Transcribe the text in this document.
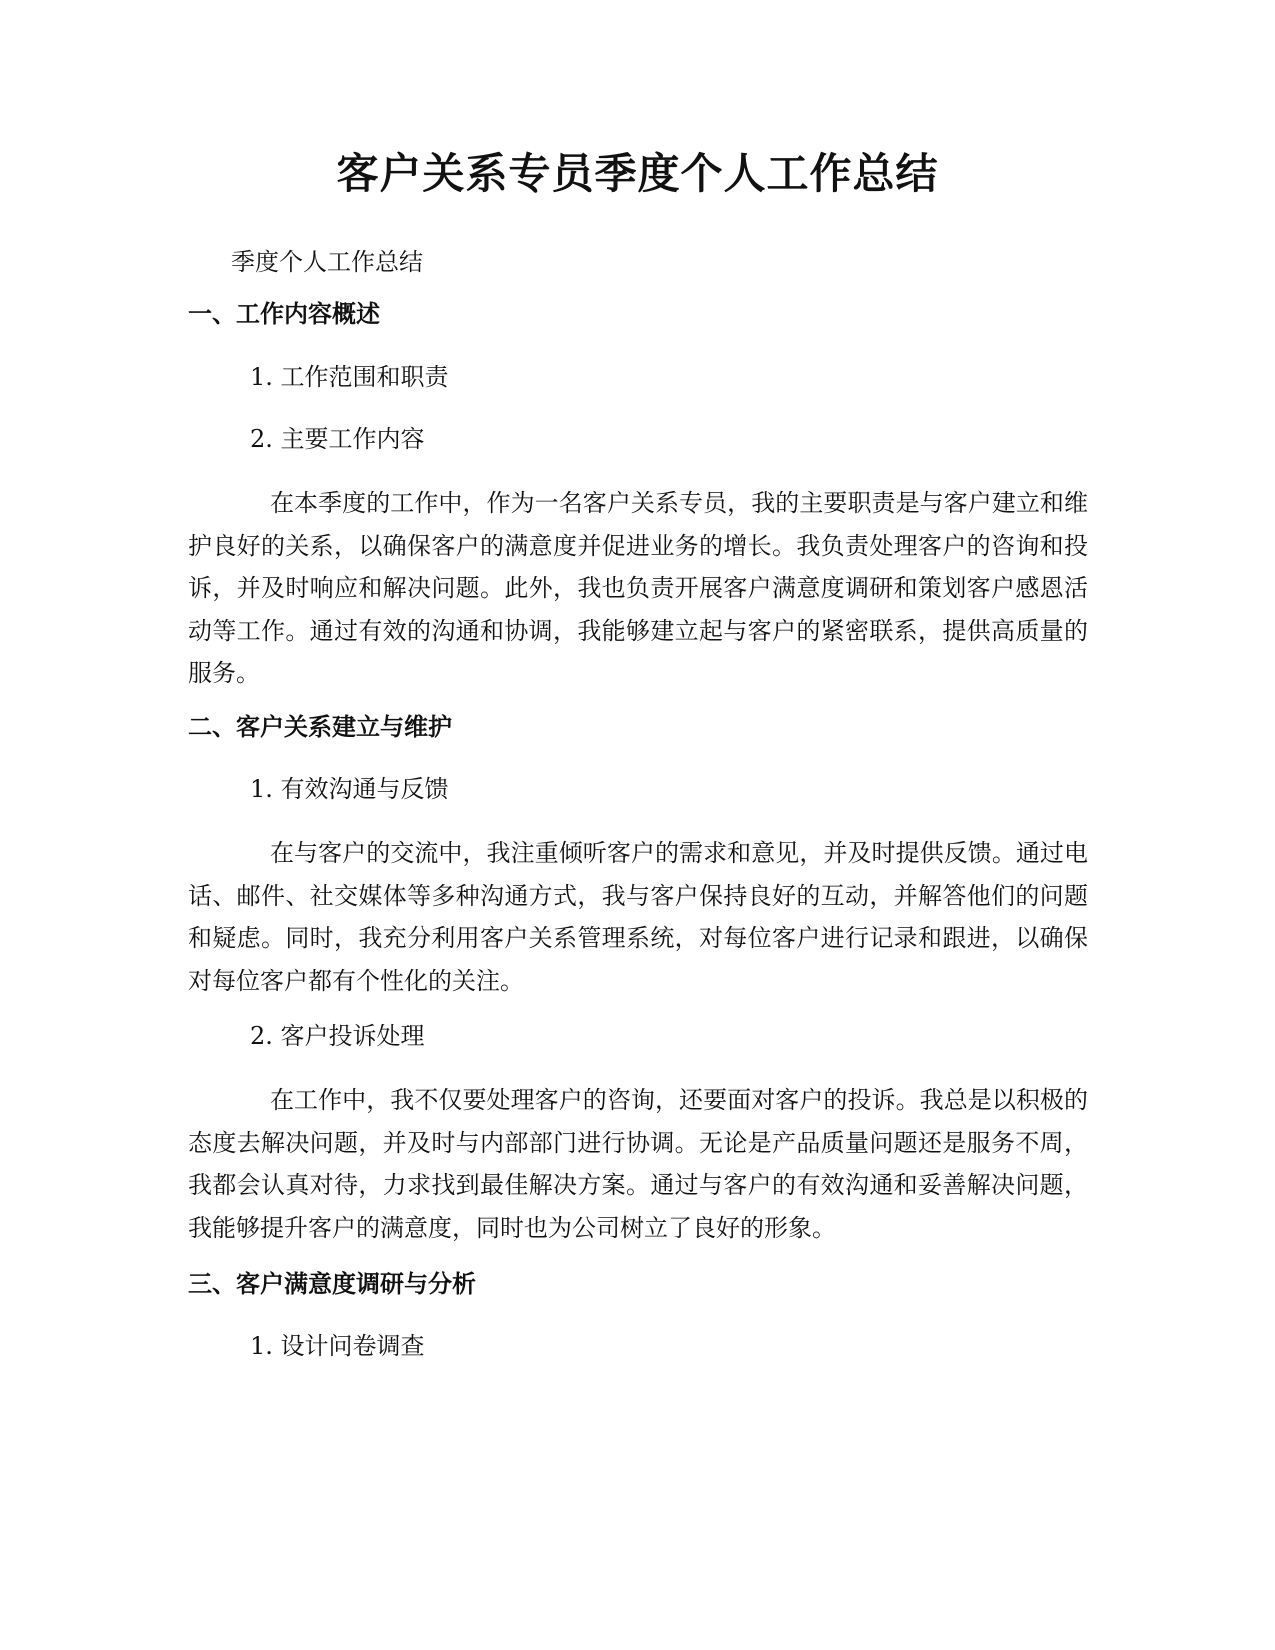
客户关系专员季度个人工作总结
季度个人工作总结
一、工作内容概述
1. 工作范围和职责
2. 主要工作内容

在本季度的工作中，作为一名客户关系专员，我的主要职责是与客户建立和维护良好的关系，以确保客户的满意度并促进业务的增长。我负责处理客户的咨询和投诉，并及时响应和解决问题。此外，我也负责开展客户满意度调研和策划客户感恩活动等工作。通过有效的沟通和协调，我能够建立起与客户的紧密联系，提供高质量的服务。

二、客户关系建立与维护
1. 有效沟通与反馈

在与客户的交流中，我注重倾听客户的需求和意见，并及时提供反馈。通过电话、邮件、社交媒体等多种沟通方式，我与客户保持良好的互动，并解答他们的问题和疑虑。同时，我充分利用客户关系管理系统，对每位客户进行记录和跟进，以确保对每位客户都有个性化的关注。

2. 客户投诉处理

在工作中，我不仅要处理客户的咨询，还要面对客户的投诉。我总是以积极的态度去解决问题，并及时与内部部门进行协调。无论是产品质量问题还是服务不周，我都会认真对待，力求找到最佳解决方案。通过与客户的有效沟通和妥善解决问题，我能够提升客户的满意度，同时也为公司树立了良好的形象。

三、客户满意度调研与分析
1. 设计问卷调查
